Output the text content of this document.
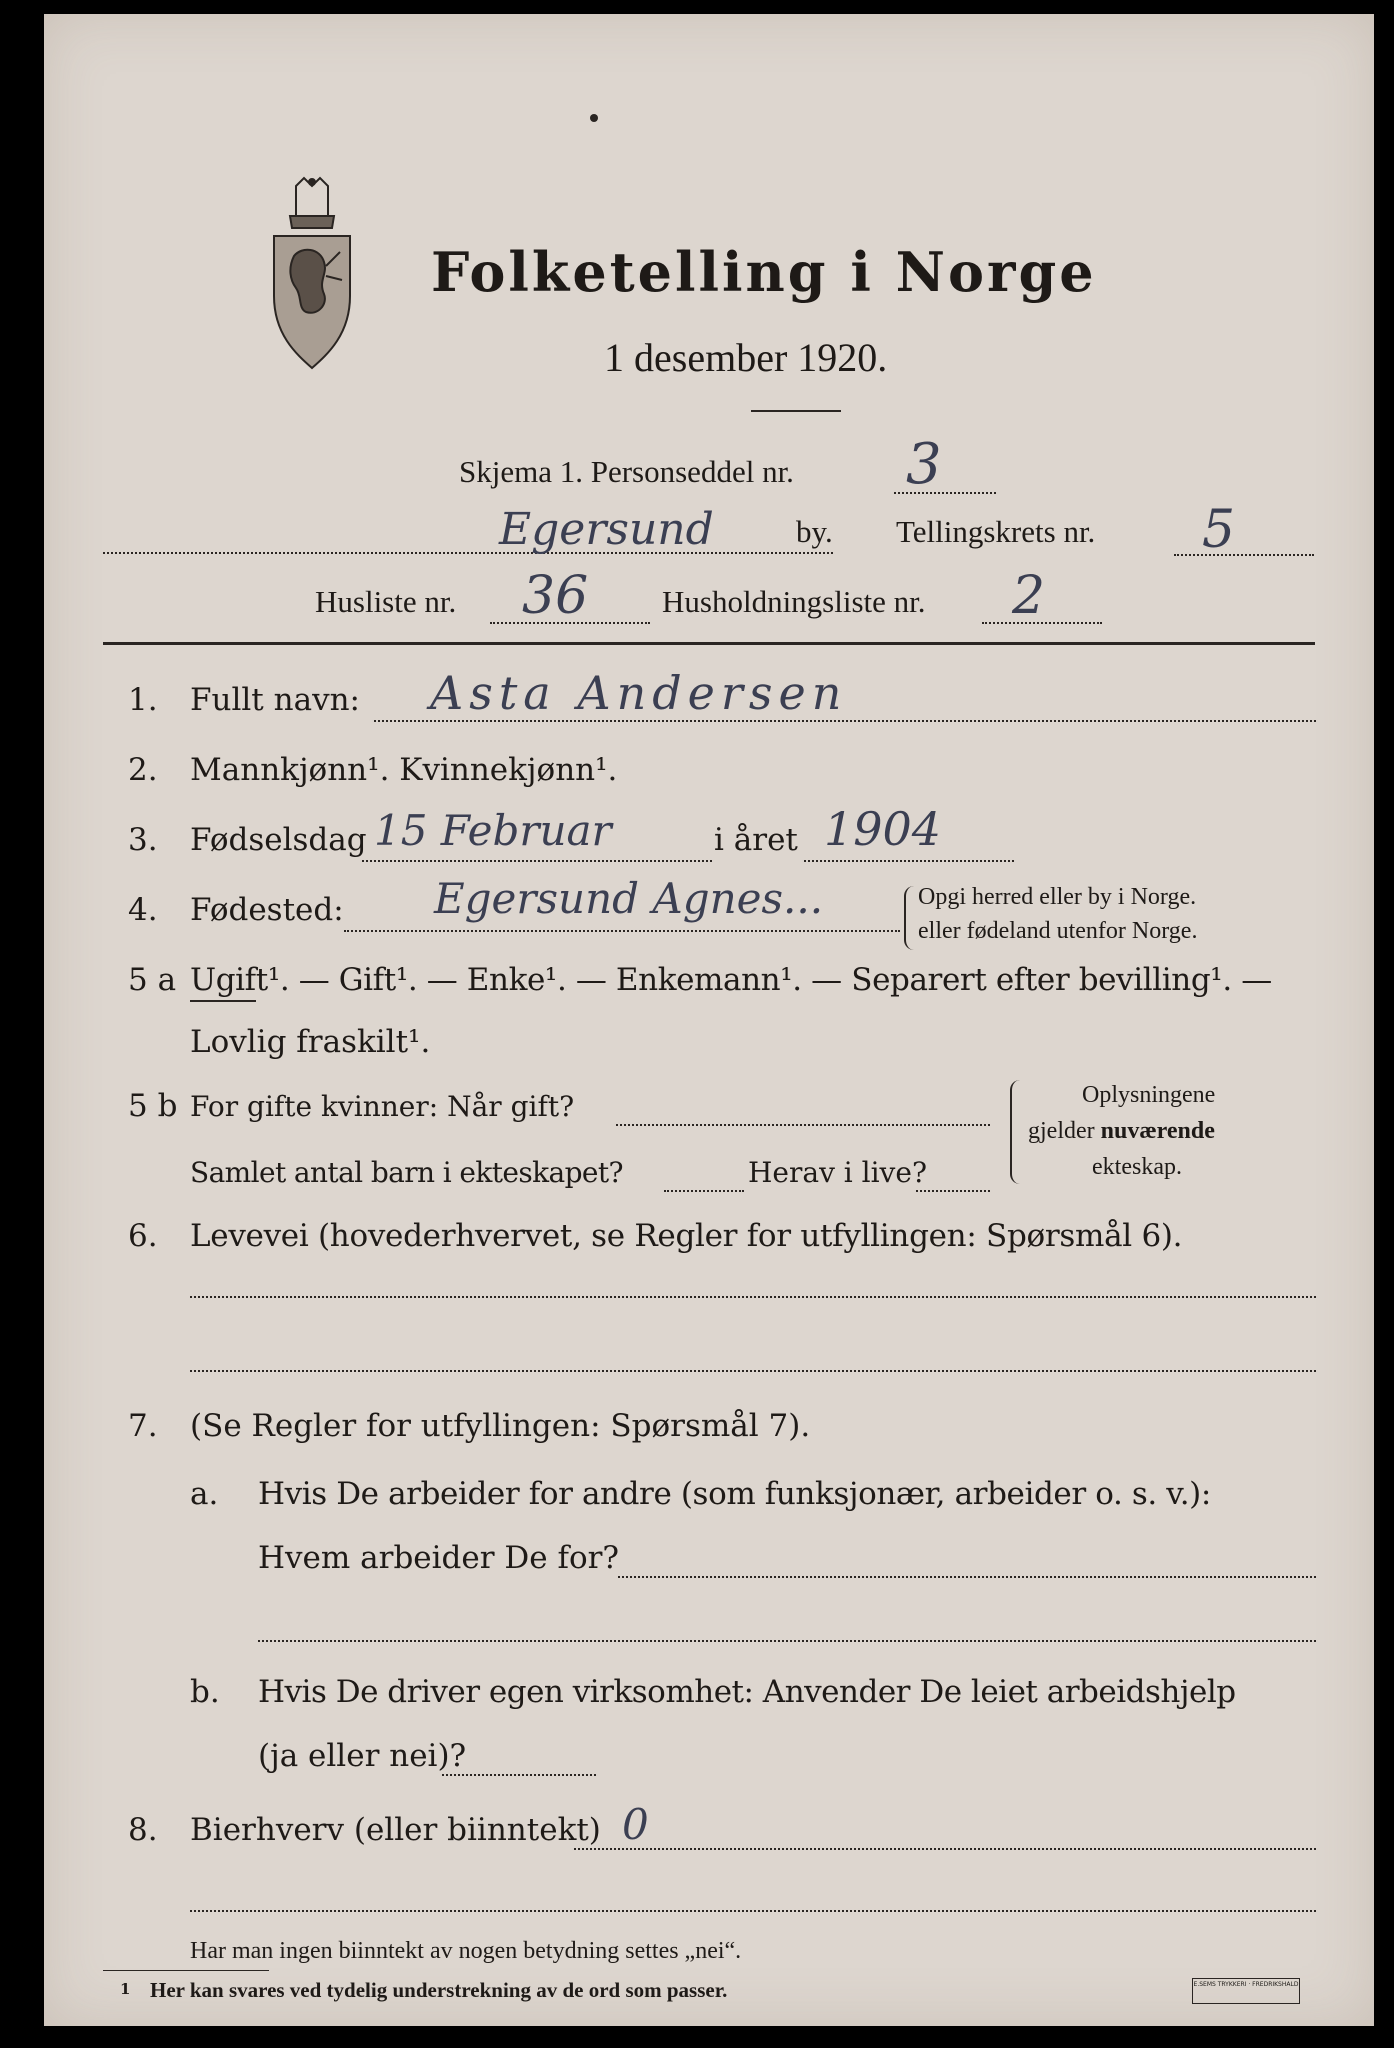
Folketelling i Norge
1 desember 1920.
Skjema 1. Personseddel nr. 3
Egersund	by. Tellingskrets nr. 5
Husliste nr. 36 Husholdningsliste nr. 2
1. Fullt navn: Asta Andersen
2. Mannkjønn¹. Kvinnekjønn¹.
3. Fødselsdag 15 Februar	i året 1904
4. Fødested: Egersund Agnes...	Opgi herred eller by i Norge.
eller fødeland utenfor Norge.
5 a Ugift¹. — Gift¹. — Enke¹. — Enkemann¹. — Separert efter bevilling¹. —
Lovlig fraskilt¹.
5 b For gifte kvinner: Når gift?
Samlet antal barn i ekteskapet?	Herav i live?
Oplysningene
gjelder nuværende
ekteskap.
6. Levevei (hovederhvervet, se Regler for utfyllingen: Spørsmål 6).
7. (Se Regler for utfyllingen: Spørsmål 7).
a. Hvis De arbeider for andre (som funksjonær, arbeider o. s. v.):
Hvem arbeider De for?
b. Hvis De driver egen virksomhet: Anvender De leiet arbeidshjelp
(ja eller nei)?
8. Bierhverv (eller biinntekt) 0
Har man ingen biinntekt av nogen betydning settes „nei“.
1 Her kan svares ved tydelig understrekning av de ord som passer.	E.SEMS TRYKKERI · FREDRIKSHALD
